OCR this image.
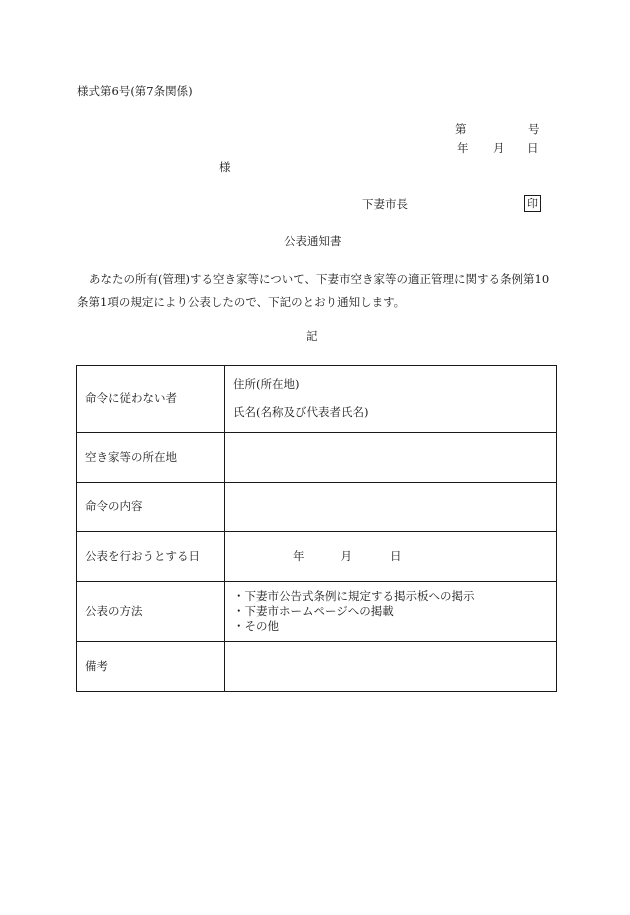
様式第6号(第7条関係)
第	号
年 月 日
様
下妻市長	印
公表通知書
あなたの所有(管理)する空き家等について、下妻市空き家等の適正管理に関する条例第10条第1項の規定により公表したので、下記のとおり通知します。
記
命令に従わない者	住所(所在地)
氏名(名称及び代表者氏名)

空き家等の所在地	
命令の内容	
公表を行おうとする日	年 月 日
公表の方法	・下妻市公告式条例に規定する掲示板への掲示
・下妻市ホームページへの掲載
・その他

備考	
